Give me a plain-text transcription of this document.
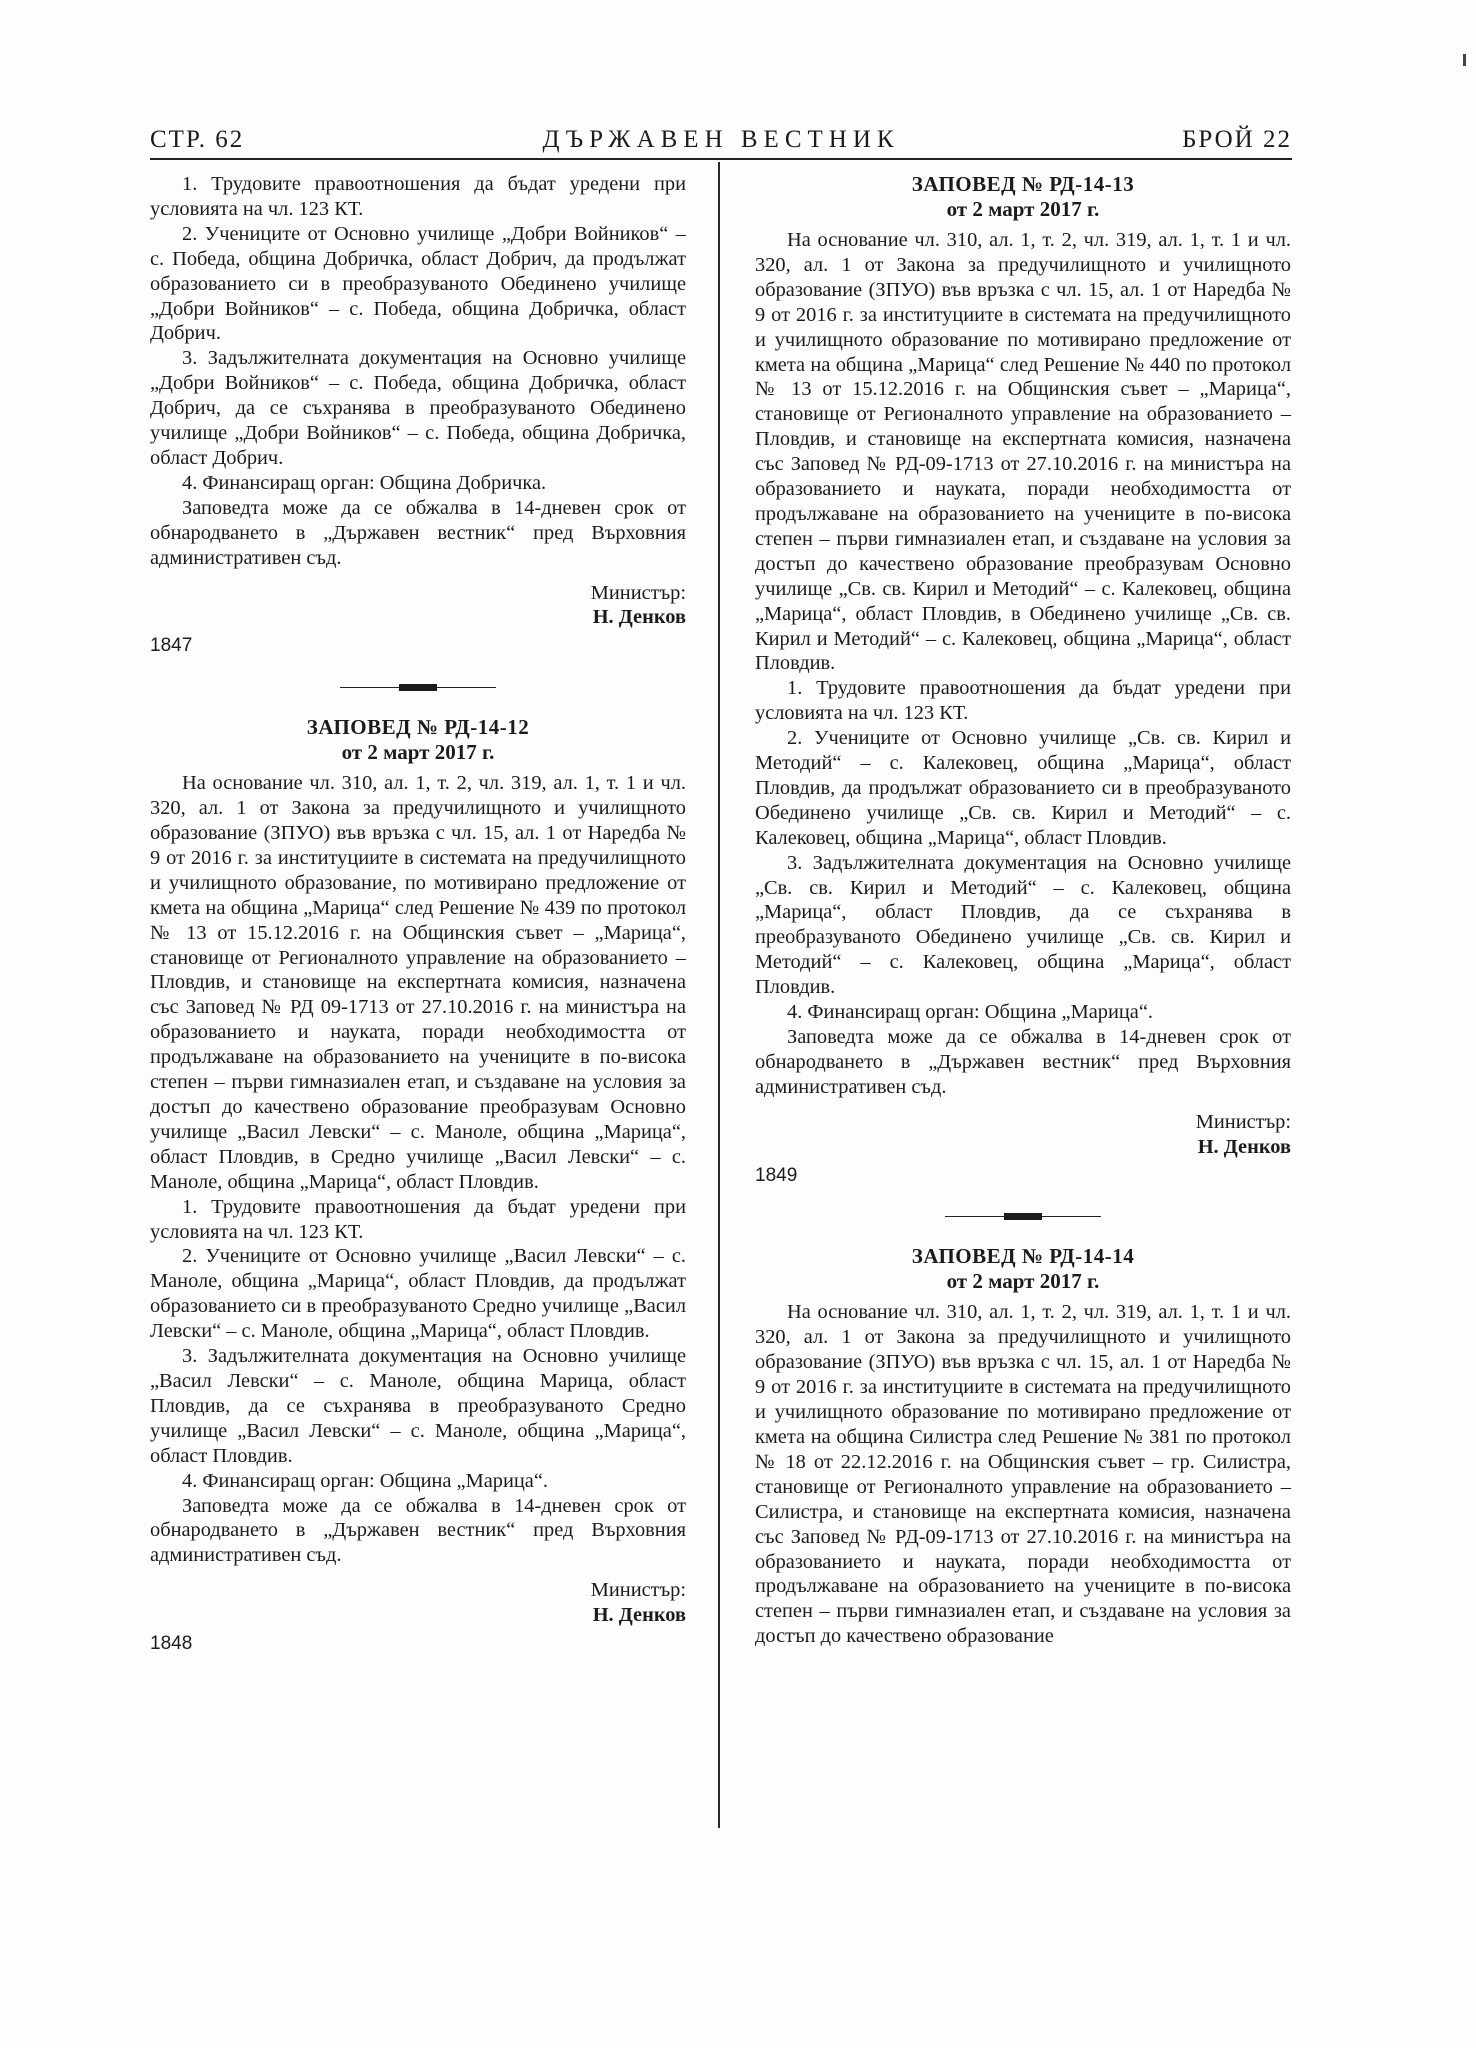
СТР. 62	ДЪРЖАВЕН ВЕСТНИК	БРОЙ 22

1. Трудовите правоотношения да бъдат уредени при условията на чл. 123 КТ.

2. Учениците от Основно училище „Добри Войников“ – с. Победа, община Добричка, област Добрич, да продължат образованието си в преобразуваното Обединено училище „Добри Войников“ – с. Победа, община Добричка, област Добрич.

3. Задължителната документация на Основно училище „Добри Войников“ – с. Победа, община Добричка, област Добрич, да се съхранява в преобразуваното Обединено училище „Добри Войников“ – с. Победа, община Добричка, област Добрич.

4. Финансиращ орган: Община Добричка.

Заповедта може да се обжалва в 14-дневен срок от обнародването в „Държавен вестник“ пред Върховния административен съд.

Министър:
Н. Денков
1847

ЗАПОВЕД № РД-14-12

от 2 март 2017 г.

На основание чл. 310, ал. 1, т. 2, чл. 319, ал. 1, т. 1 и чл. 320, ал. 1 от Закона за предучилищното и училищното образование (ЗПУО) във връзка с чл. 15, ал. 1 от Наредба № 9 от 2016 г. за институциите в системата на предучилищното и училищното образование, по мотивирано предложение от кмета на община „Марица“ след Решение № 439 по протокол № 13 от 15.12.2016 г. на Общинския съвет – „Марица“, становище от Регионалното управление на образованието – Пловдив, и становище на експертната комисия, назначена със Заповед № РД 09-1713 от 27.10.2016 г. на министъра на образованието и науката, поради необходимостта от продължаване на образованието на учениците в по-висока степен – първи гимназиален етап, и създаване на условия за достъп до качествено образование преобразувам Основно училище „Васил Левски“ – с. Маноле, община „Марица“, област Пловдив, в Средно училище „Васил Левски“ – с. Маноле, община „Марица“, област Пловдив.

1. Трудовите правоотношения да бъдат уредени при условията на чл. 123 КТ.

2. Учениците от Основно училище „Васил Левски“ – с. Маноле, община „Марица“, област Пловдив, да продължат образованието си в преобразуваното Средно училище „Васил Левски“ – с. Маноле, община „Марица“, област Пловдив.

3. Задължителната документация на Основно училище „Васил Левски“ – с. Маноле, община Марица, област Пловдив, да се съхранява в преобразуваното Средно училище „Васил Левски“ – с. Маноле, община „Марица“, област Пловдив.

4. Финансиращ орган: Община „Марица“.

Заповедта може да се обжалва в 14-дневен срок от обнародването в „Държавен вестник“ пред Върховния административен съд.

Министър:
Н. Денков
1848

ЗАПОВЕД № РД-14-13

от 2 март 2017 г.

На основание чл. 310, ал. 1, т. 2, чл. 319, ал. 1, т. 1 и чл. 320, ал. 1 от Закона за предучилищното и училищното образование (ЗПУО) във връзка с чл. 15, ал. 1 от Наредба № 9 от 2016 г. за институциите в системата на предучилищното и училищното образование по мотивирано предложение от кмета на община „Марица“ след Решение № 440 по протокол № 13 от 15.12.2016 г. на Общинския съвет – „Марица“, становище от Регионалното управление на образованието – Пловдив, и становище на експертната комисия, назначена със Заповед № РД-09-1713 от 27.10.2016 г. на министъра на образованието и науката, поради необходимостта от продължаване на образованието на учениците в по-висока степен – първи гимназиален етап, и създаване на условия за достъп до качествено образование преобразувам Основно училище „Св. св. Кирил и Методий“ – с. Калековец, община „Марица“, област Пловдив, в Обединено училище „Св. св. Кирил и Методий“ – с. Калековец, община „Марица“, област Пловдив.

1. Трудовите правоотношения да бъдат уредени при условията на чл. 123 КТ.

2. Учениците от Основно училище „Св. св. Кирил и Методий“ – с. Калековец, община „Марица“, област Пловдив, да продължат образованието си в преобразуваното Обединено училище „Св. св. Кирил и Методий“ – с. Калековец, община „Марица“, област Пловдив.

3. Задължителната документация на Основно училище „Св. св. Кирил и Методий“ – с. Калековец, община „Марица“, област Пловдив, да се съхранява в преобразуваното Обединено училище „Св. св. Кирил и Методий“ – с. Калековец, община „Марица“, област Пловдив.

4. Финансиращ орган: Община „Марица“.

Заповедта може да се обжалва в 14-дневен срок от обнародването в „Държавен вестник“ пред Върховния административен съд.

Министър:
Н. Денков
1849

ЗАПОВЕД № РД-14-14

от 2 март 2017 г.

На основание чл. 310, ал. 1, т. 2, чл. 319, ал. 1, т. 1 и чл. 320, ал. 1 от Закона за предучилищното и училищното образование (ЗПУО) във връзка с чл. 15, ал. 1 от Наредба № 9 от 2016 г. за институциите в системата на предучилищното и училищното образование по мотивирано предложение от кмета на община Силистра след Решение № 381 по протокол № 18 от 22.12.2016 г. на Общинския съвет – гр. Силистра, становище от Регионалното управление на образованието – Силистра, и становище на експертната комисия, назначена със Заповед № РД-09-1713 от 27.10.2016 г. на министъра на образованието и науката, поради необходимостта от продължаване на образованието на учениците в по-висока степен – първи гимназиален етап, и създаване на условия за достъп до качествено образование
